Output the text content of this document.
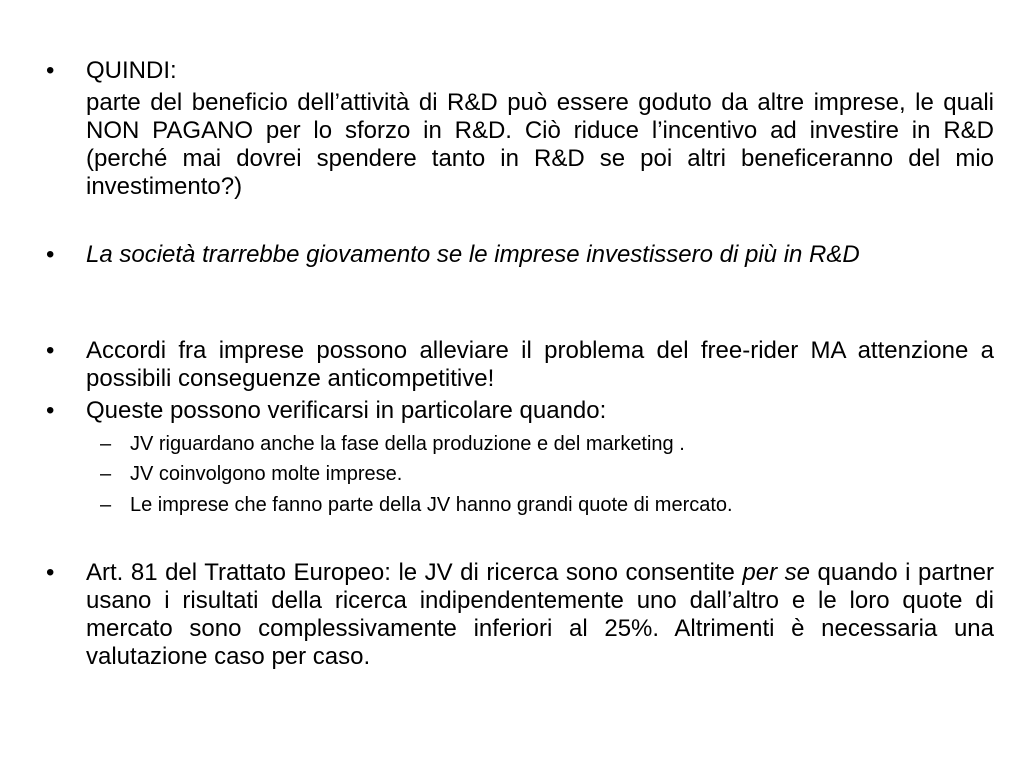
•	QUINDI:
parte del beneficio dell’attività di R&D può essere goduto da altre imprese, le quali NON PAGANO per lo sforzo in R&D. Ciò riduce l’incentivo ad investire in R&D (perché mai dovrei spendere tanto in R&D se poi altri beneficeranno del mio investimento?)
•	La società trarrebbe giovamento se le imprese investissero di più in R&D
•	Accordi fra imprese possono alleviare il problema del free-rider MA attenzione a possibili conseguenze anticompetitive!
•	Queste possono verificarsi in particolare quando:
– JV riguardano anche la fase della produzione e del marketing .
– JV coinvolgono molte imprese.
– Le imprese che fanno parte della JV hanno grandi quote di mercato.
•	Art. 81 del Trattato Europeo: le JV di ricerca sono consentite per se quando i partner usano i risultati della ricerca indipendentemente uno dall’altro e le loro quote di mercato sono complessivamente inferiori al 25%. Altrimenti è necessaria una valutazione caso per caso.
